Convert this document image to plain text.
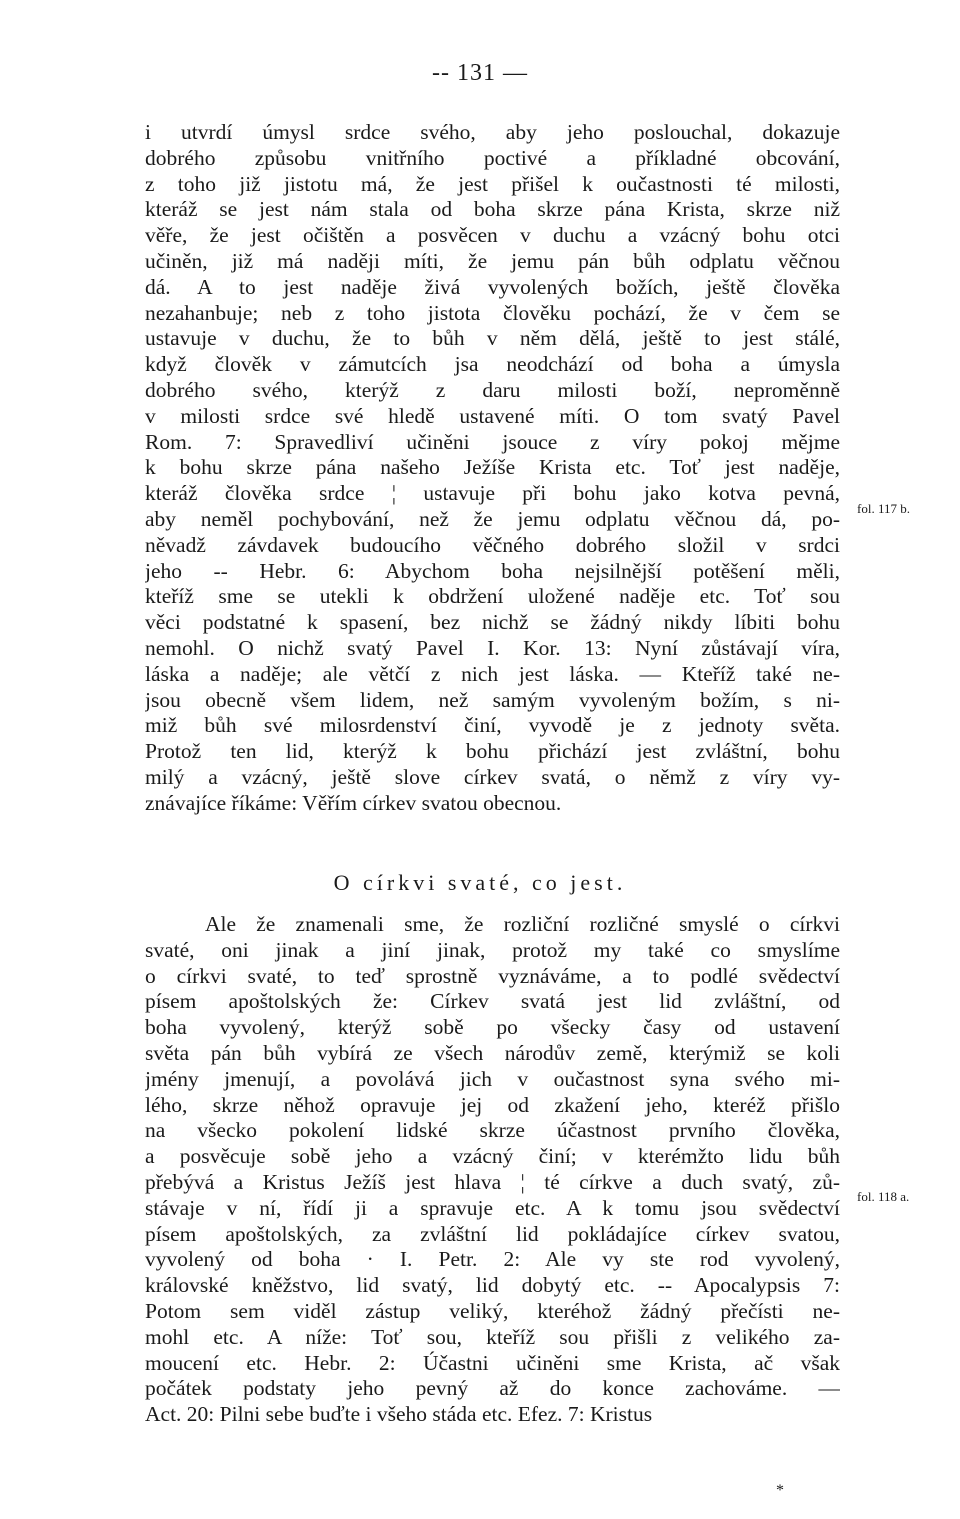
-- 131 —
i utvrdí úmysl srdce svého, aby jeho poslouchal, dokazuje
dobrého způsobu vnitřního poctivé a příkladné obcování,
z toho již jistotu má, že jest přišel k oučastnosti té milosti,
kteráž se jest nám stala od boha skrze pána Krista, skrze niž
věře, že jest očištěn a posvěcen v duchu a vzácný bohu otci
učiněn, již má naději míti, že jemu pán bůh odplatu věčnou
dá. A to jest naděje živá vyvolených božích, ještě člověka
nezahanbuje; neb z toho jistota člověku pochází, že v čem se
ustavuje v duchu, že to bůh v něm dělá, ještě to jest stálé,
když člověk v zámutcích jsa neodchází od boha a úmysla
dobrého svého, kterýž z daru milosti boží, neproměnně
v milosti srdce své hledě ustavené míti. O tom svatý Pavel
Rom. 7: Spravedliví učiněni jsouce z víry pokoj mějme
k bohu skrze pána našeho Ježíše Krista etc. Toť jest naděje,
kteráž člověka srdce ¦ ustavuje při bohu jako kotva pevná,
aby neměl pochybování, než že jemu odplatu věčnou dá, po-
něvadž závdavek budoucího věčného dobrého složil v srdci
jeho -- Hebr. 6: Abychom boha nejsilnější potěšení měli,
kteříž sme se utekli k obdržení uložené naděje etc. Toť sou
věci podstatné k spasení, bez nichž se žádný nikdy líbiti bohu
nemohl. O nichž svatý Pavel I. Kor. 13: Nyní zůstávají víra,
láska a naděje; ale větčí z nich jest láska. — Kteříž také ne-
jsou obecně všem lidem, než samým vyvoleným božím, s ni-
miž bůh své milosrdenství činí, vyvodě je z jednoty světa.
Protož ten lid, kterýž k bohu přichází jest zvláštní, bohu
milý a vzácný, ještě slove církev svatá, o němž z víry vy-
znávajíce říkáme: Věřím církev svatou obecnou.
fol. 117 b.
O církvi svaté, co jest.
Ale že znamenali sme, že rozliční rozličné smyslé o církvi
svaté, oni jinak a jiní jinak, protož my také co smyslíme
o církvi svaté, to teď sprostně vyznáváme, a to podlé svědectví
písem apoštolských že: Církev svatá jest lid zvláštní, od
boha vyvolený, kterýž sobě po všecky časy od ustavení
světa pán bůh vybírá ze všech národův země, kterýmiž se koli
jmény jmenují, a povolává jich v oučastnost syna svého mi-
lého, skrze něhož opravuje jej od zkažení jeho, kteréž přišlo
na všecko pokolení lidské skrze účastnost prvního člověka,
a posvěcuje sobě jeho a vzácný činí; v kterémžto lidu bůh
přebývá a Kristus Ježíš jest hlava ¦ té církve a duch svatý, zů-
stávaje v ní, řídí ji a spravuje etc. A k tomu jsou svědectví
písem apoštolských, za zvláštní lid pokládajíce církev svatou,
vyvolený od boha · I. Petr. 2: Ale vy ste rod vyvolený,
královské kněžstvo, lid svatý, lid dobytý etc. -- Apocalypsis 7:
Potom sem viděl zástup veliký, kteréhož žádný přečísti ne-
mohl etc. A níže: Toť sou, kteříž sou přišli z velikého za-
moucení etc. Hebr. 2: Účastni učiněni sme Krista, ač však
počátek podstaty jeho pevný až do konce zachováme. —
Act. 20: Pilni sebe buďte i všeho stáda etc. Efez. 7: Kristus
fol. 118 a.
*
